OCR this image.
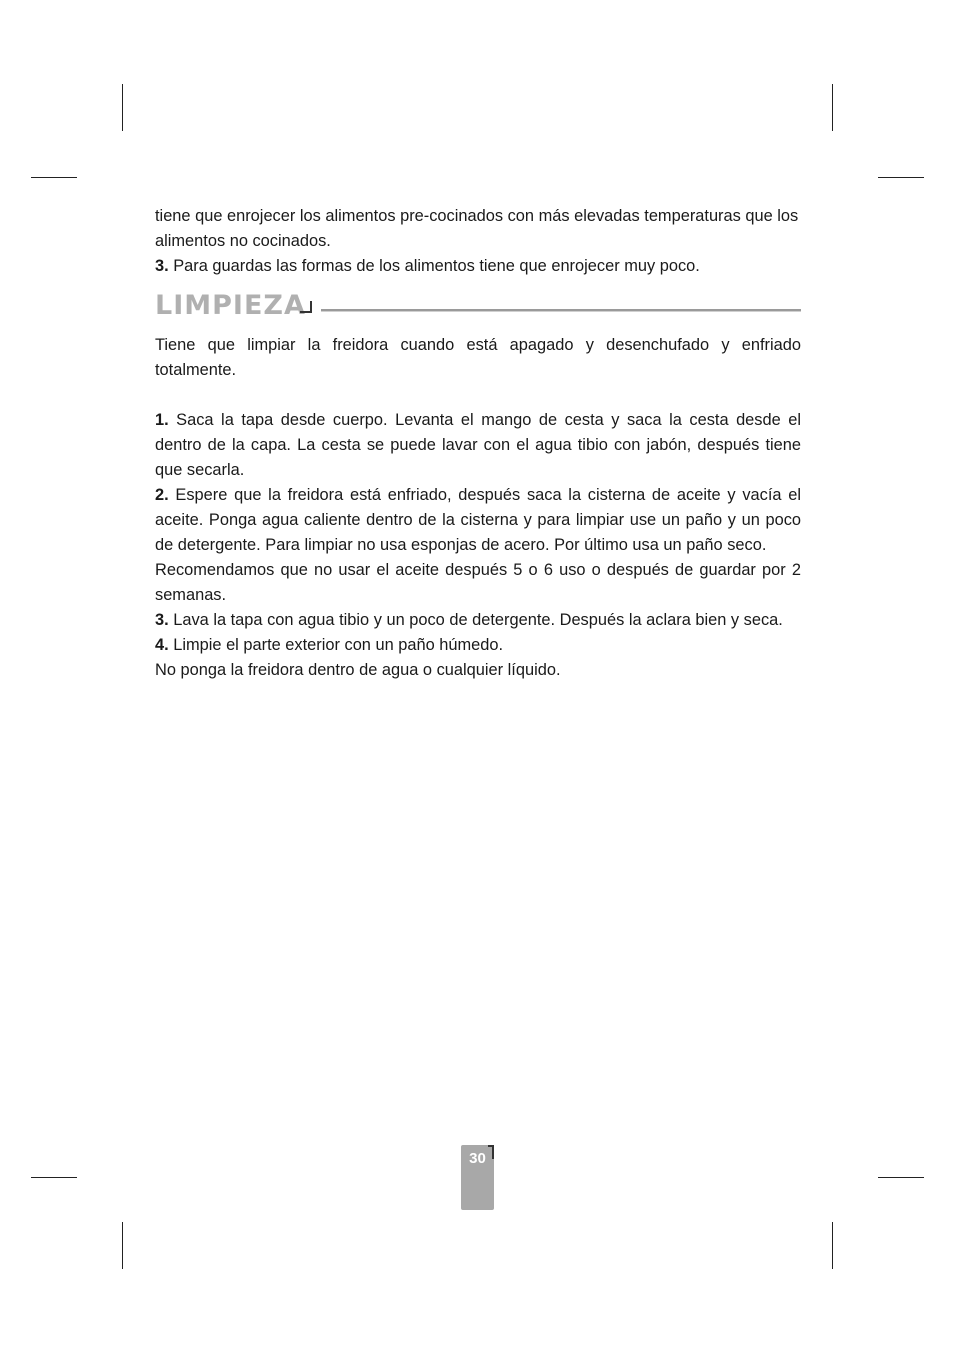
tiene que enrojecer los alimentos pre-cocinados con más elevadas temperaturas que los alimentos no cocinados.

3. Para guardas las formas de los alimentos tiene que enrojecer muy poco.

LIMPIEZA

Tiene que limpiar la freidora cuando está apagado y desenchufado y enfriado totalmente.

1. Saca la tapa desde cuerpo. Levanta el mango de cesta y saca la cesta desde el dentro de la capa. La cesta se puede lavar con el agua tibio con jabón, después tiene que secarla.

2. Espere que la freidora está enfriado, después saca la cisterna de aceite y vacía el aceite. Ponga agua caliente dentro de la cisterna y para limpiar use un paño y un poco de detergente. Para limpiar no usa esponjas de acero. Por último usa un paño seco.

Recomendamos que no usar el aceite después 5 o 6 uso o después de guardar por 2 semanas.

3. Lava la tapa con agua tibio y un poco de detergente. Después la aclara bien y seca.

4. Limpie el parte exterior con un paño húmedo.

No ponga la freidora dentro de agua o cualquier líquido.

30
